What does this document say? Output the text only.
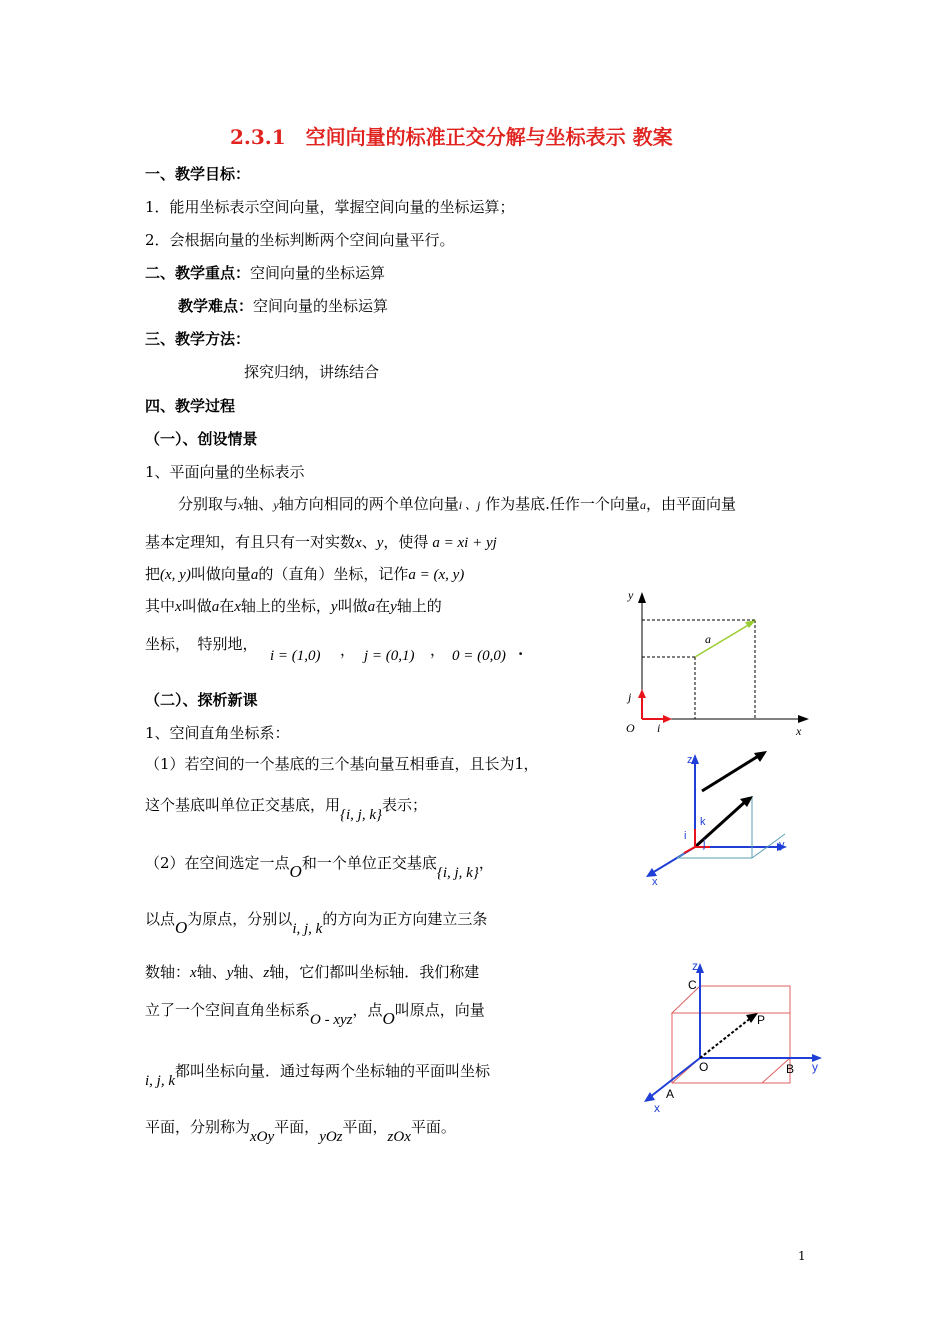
2.3.1　空间向量的标准正交分解与坐标表示 教案
一、教学目标：
1．能用坐标表示空间向量，掌握空间向量的坐标运算；
2．会根据向量的坐标判断两个空间向量平行。
二、教学重点：空间向量的坐标运算
教学难点：空间向量的坐标运算
三、教学方法：
探究归纳，讲练结合
四、教学过程
（一）、创设情景
1、平面向量的坐标表示
分别取与x轴、y轴方向相同的两个单位向量i 、j 作为基底.任作一个向量a，由平面向量
基本定理知，有且只有一对实数x、y，使得 a = xi + yj
把(x, y)叫做向量a的（直角）坐标，记作a = (x, y)
其中x叫做a在x轴上的坐标，y叫做a在y轴上的
坐标，　特别地，
i = (1,0) ， j = (0,1) ， 0 = (0,0) .
（二）、探析新课
1、空间直角坐标系：
（1）若空间的一个基底的三个基向量互相垂直，且长为1，
这个基底叫单位正交基底，用{i, j, k}表示；
（2）在空间选定一点O和一个单位正交基底{i, j, k}，
以点O为原点，分别以i, j, k的方向为正方向建立三条
数轴：x轴、y轴、z轴，它们都叫坐标轴．我们称建
立了一个空间直角坐标系O - xyz，点O叫原点，向量
i, j, k都叫坐标向量．通过每两个坐标轴的平面叫坐标
平面，分别称为xOy平面，yOz平面，zOx平面。
y
x
O i
j
a
z
y
x
k
i
j
z
y
x
C
P
O	B
A
1
